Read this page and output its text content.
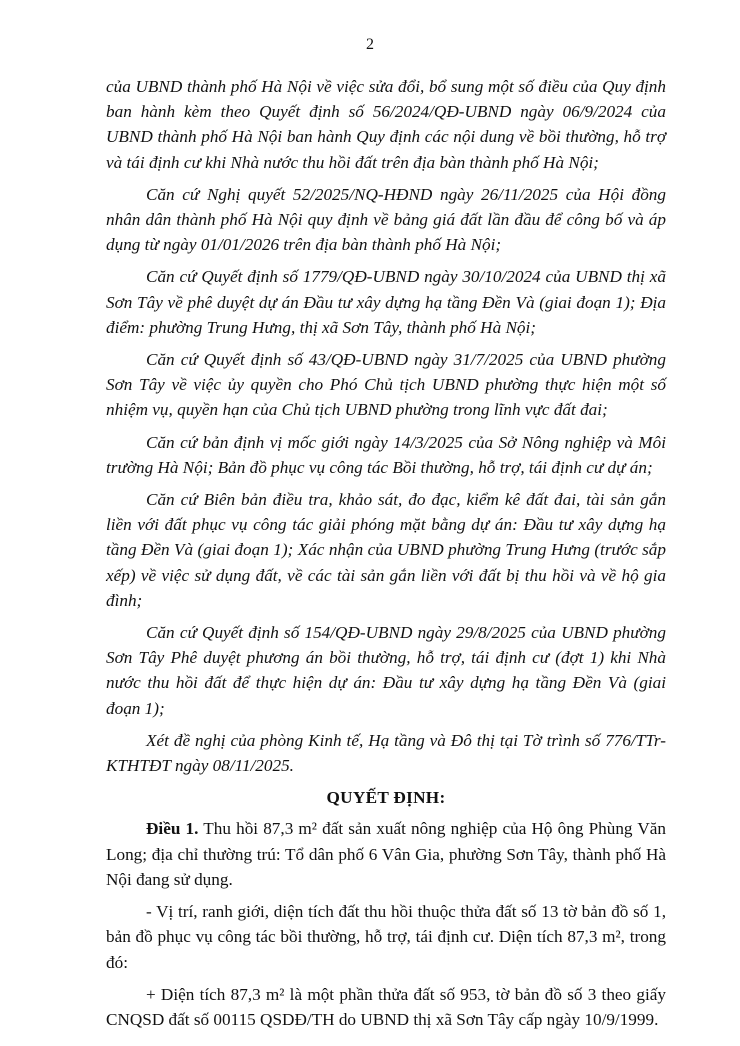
2

của UBND thành phố Hà Nội về việc sửa đổi, bổ sung một số điều của Quy định ban hành kèm theo Quyết định số 56/2024/QĐ-UBND ngày 06/9/2024 của UBND thành phố Hà Nội ban hành Quy định các nội dung về bồi thường, hỗ trợ và tái định cư khi Nhà nước thu hồi đất trên địa bàn thành phố Hà Nội;

Căn cứ Nghị quyết 52/2025/NQ-HĐND ngày 26/11/2025 của Hội đồng nhân dân thành phố Hà Nội quy định về bảng giá đất lần đầu để công bố và áp dụng từ ngày 01/01/2026 trên địa bàn thành phố Hà Nội;

Căn cứ Quyết định số 1779/QĐ-UBND ngày 30/10/2024 của UBND thị xã Sơn Tây về phê duyệt dự án Đầu tư xây dựng hạ tầng Đền Và (giai đoạn 1); Địa điểm: phường Trung Hưng, thị xã Sơn Tây, thành phố Hà Nội;

Căn cứ Quyết định số 43/QĐ-UBND ngày 31/7/2025 của UBND phường Sơn Tây về việc ủy quyền cho Phó Chủ tịch UBND phường thực hiện một số nhiệm vụ, quyền hạn của Chủ tịch UBND phường trong lĩnh vực đất đai;

Căn cứ bản định vị mốc giới ngày 14/3/2025 của Sở Nông nghiệp và Môi trường Hà Nội; Bản đồ phục vụ công tác Bồi thường, hỗ trợ, tái định cư dự án;

Căn cứ Biên bản điều tra, khảo sát, đo đạc, kiểm kê đất đai, tài sản gắn liền với đất phục vụ công tác giải phóng mặt bằng dự án: Đầu tư xây dựng hạ tầng Đền Và (giai đoạn 1); Xác nhận của UBND phường Trung Hưng (trước sắp xếp) về việc sử dụng đất, về các tài sản gắn liền với đất bị thu hồi và về hộ gia đình;

Căn cứ Quyết định số 154/QĐ-UBND ngày 29/8/2025 của UBND phường Sơn Tây Phê duyệt phương án bồi thường, hỗ trợ, tái định cư (đợt 1) khi Nhà nước thu hồi đất để thực hiện dự án: Đầu tư xây dựng hạ tầng Đền Và (giai đoạn 1);

Xét đề nghị của phòng Kinh tế, Hạ tầng và Đô thị tại Tờ trình số 776/TTr-KTHTĐT ngày 08/11/2025.

QUYẾT ĐỊNH:

Điều 1. Thu hồi 87,3 m² đất sản xuất nông nghiệp của Hộ ông Phùng Văn Long; địa chỉ thường trú: Tổ dân phố 6 Vân Gia, phường Sơn Tây, thành phố Hà Nội đang sử dụng.

- Vị trí, ranh giới, diện tích đất thu hồi thuộc thửa đất số 13 tờ bản đồ số 1, bản đồ phục vụ công tác bồi thường, hỗ trợ, tái định cư. Diện tích 87,3 m², trong đó:

+ Diện tích 87,3 m² là một phần thửa đất số 953, tờ bản đồ số 3 theo giấy CNQSD đất số 00115 QSDĐ/TH do UBND thị xã Sơn Tây cấp ngày 10/9/1999.
